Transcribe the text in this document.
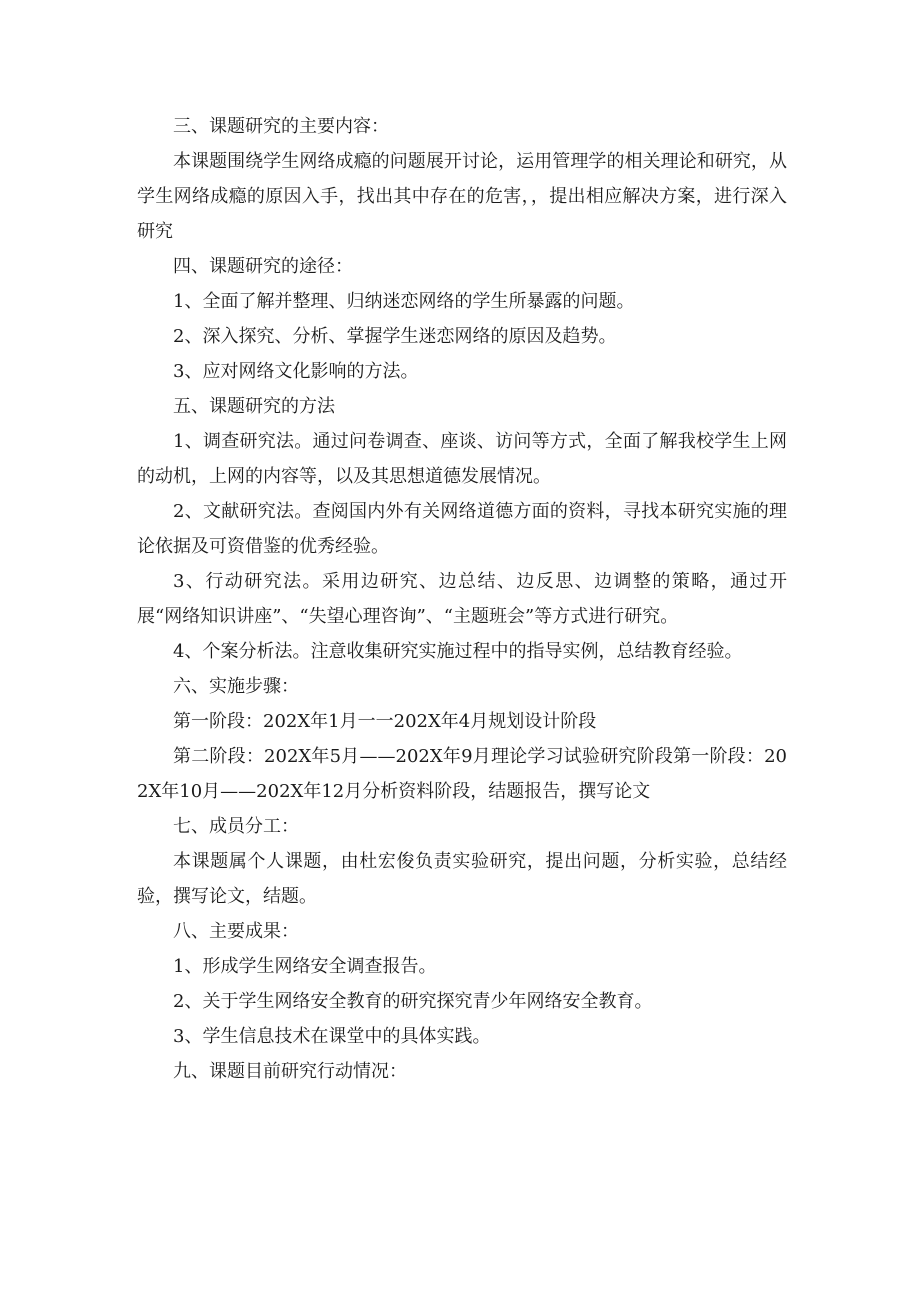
三、课题研究的主要内容：

本课题围绕学生网络成瘾的问题展开讨论，运用管理学的相关理论和研究，从学生网络成瘾的原因入手，找出其中存在的危害，，提出相应解决方案，进行深入研究

四、课题研究的途径：

1、全面了解并整理、归纳迷恋网络的学生所暴露的问题。

2、深入探究、分析、掌握学生迷恋网络的原因及趋势。

3、应对网络文化影响的方法。

五、课题研究的方法

1、调查研究法。通过问卷调查、座谈、访问等方式，全面了解我校学生上网的动机，上网的内容等，以及其思想道德发展情况。

2、文献研究法。查阅国内外有关网络道德方面的资料，寻找本研究实施的理论依据及可资借鉴的优秀经验。

3、行动研究法。采用边研究、边总结、边反思、边调整的策略，通过开展“网络知识讲座”、“失望心理咨询”、“主题班会”等方式进行研究。

4、个案分析法。注意收集研究实施过程中的指导实例，总结教育经验。

六、实施步骤：

第一阶段：202X年1月一一202X年4月规划设计阶段

第二阶段：202X年5月——202X年9月理论学习试验研究阶段第一阶段：202X年10月——202X年12月分析资料阶段，结题报告，撰写论文

七、成员分工：

本课题属个人课题，由杜宏俊负责实验研究，提出问题，分析实验，总结经验，撰写论文，结题。

八、主要成果：

1、形成学生网络安全调查报告。

2、关于学生网络安全教育的研究探究青少年网络安全教育。

3、学生信息技术在课堂中的具体实践。

九、课题目前研究行动情况：
